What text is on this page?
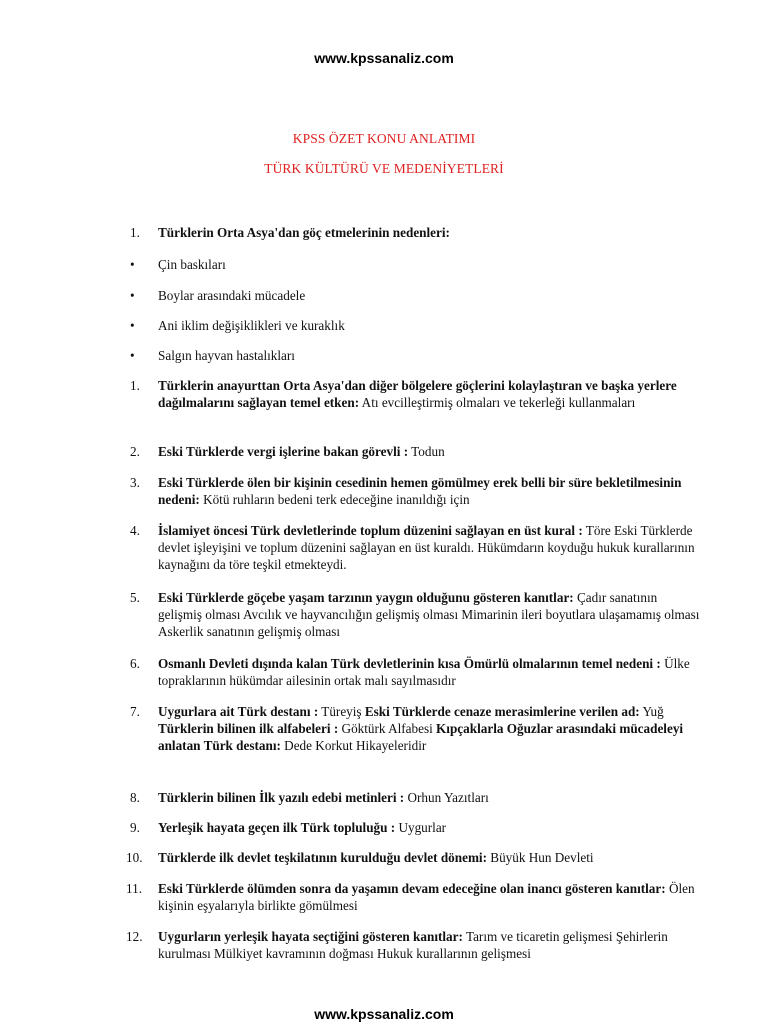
www.kpssanaliz.com
KPSS ÖZET KONU ANLATIMI
TÜRK KÜLTÜRÜ VE MEDENİYETLERİ
1.	Türklerin Orta Asya'dan göç etmelerinin nedenleri:
•	Çin baskıları
•	Boylar arasındaki mücadele
•	Ani iklim değişiklikleri ve kuraklık
•	Salgın hayvan hastalıkları
1.	Türklerin anayurttan Orta Asya'dan diğer bölgelere göçlerini kolaylaştıran ve başka yerlere dağılmalarını sağlayan temel etken: Atı evcilleştirmiş olmaları ve tekerleği kullanmaları
2.	Eski Türklerde vergi işlerine bakan görevli : Todun
3.	Eski Türklerde ölen bir kişinin cesedinin hemen gömülmey erek belli bir süre bekletilmesinin nedeni: Kötü ruhların bedeni terk edeceğine inanıldığı için
4.	İslamiyet öncesi Türk devletlerinde toplum düzenini sağlayan en üst kural : Töre Eski Türklerde devlet işleyişini ve toplum düzenini sağlayan en üst kuraldı. Hükümdarın koyduğu hukuk kurallarının kaynağını da töre teşkil etmekteydi.
5.	Eski Türklerde göçebe yaşam tarzının yaygın olduğunu gösteren kanıtlar: Çadır sanatının gelişmiş olması Avcılık ve hayvancılığın gelişmiş olması Mimarinin ileri boyutlara ulaşamamış olması Askerlik sanatının gelişmiş olması
6.	Osmanlı Devleti dışında kalan Türk devletlerinin kısa Ömürlü olmalarının temel nedeni : Ülke topraklarının hükümdar ailesinin ortak malı sayılmasıdır
7.	Uygurlara ait Türk destanı : Türeyiş Eski Türklerde cenaze merasimlerine verilen ad: Yuğ Türklerin bilinen ilk alfabeleri : Göktürk Alfabesi Kıpçaklarla Oğuzlar arasındaki mücadeleyi anlatan Türk destanı: Dede Korkut Hikayeleridir
8.	Türklerin bilinen İlk yazılı edebi metinleri : Orhun Yazıtları
9.	Yerleşik hayata geçen ilk Türk topluluğu : Uygurlar
10.	Türklerde ilk devlet teşkilatının kurulduğu devlet dönemi: Büyük Hun Devleti
11.	Eski Türklerde ölümden sonra da yaşamın devam edeceğine olan inancı gösteren kanıtlar: Ölen kişinin eşyalarıyla birlikte gömülmesi
12.	Uygurların yerleşik hayata seçtiğini gösteren kanıtlar: Tarım ve ticaretin gelişmesi Şehirlerin kurulması Mülkiyet kavramının doğması Hukuk kurallarının gelişmesi
www.kpssanaliz.com
